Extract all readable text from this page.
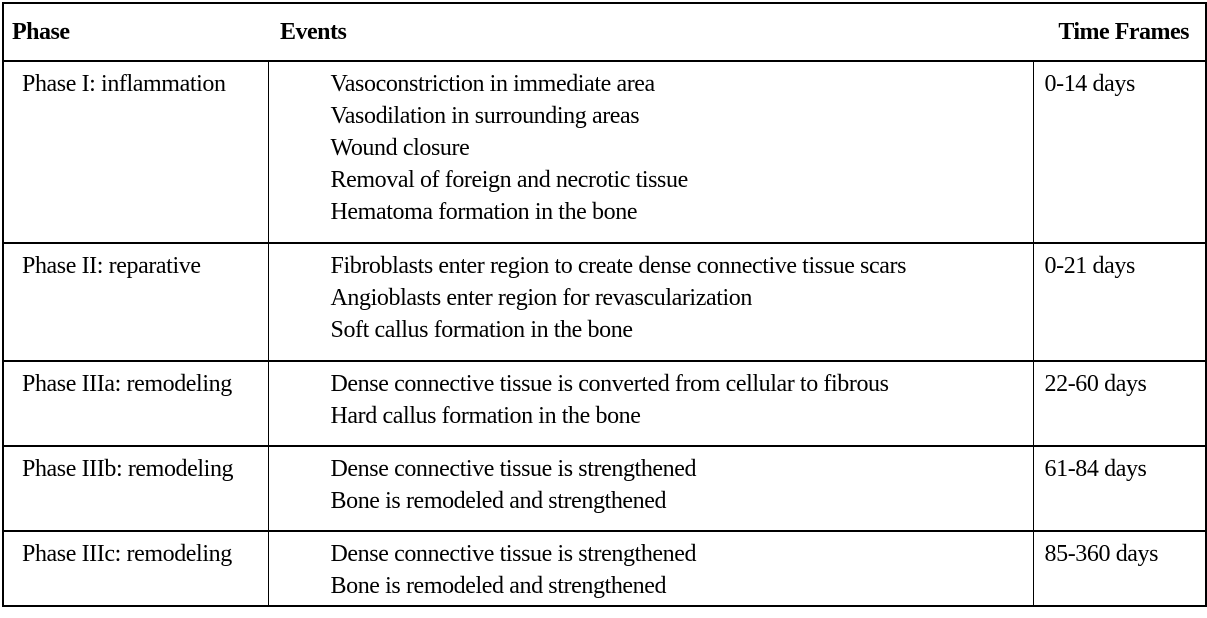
Phase	Events	Time Frames
Phase I: inflammation	Vasoconstriction in immediate area
Vasodilation in surrounding areas
Wound closure
Removal of foreign and necrotic tissue
Hematoma formation in the bone	0-14 days
Phase II: reparative	Fibroblasts enter region to create dense connective tissue scars
Angioblasts enter region for revascularization
Soft callus formation in the bone	0-21 days
Phase IIIa: remodeling	Dense connective tissue is converted from cellular to fibrous
Hard callus formation in the bone	22-60 days
Phase IIIb: remodeling	Dense connective tissue is strengthened
Bone is remodeled and strengthened	61-84 days
Phase IIIc: remodeling	Dense connective tissue is strengthened
Bone is remodeled and strengthened	85-360 days
